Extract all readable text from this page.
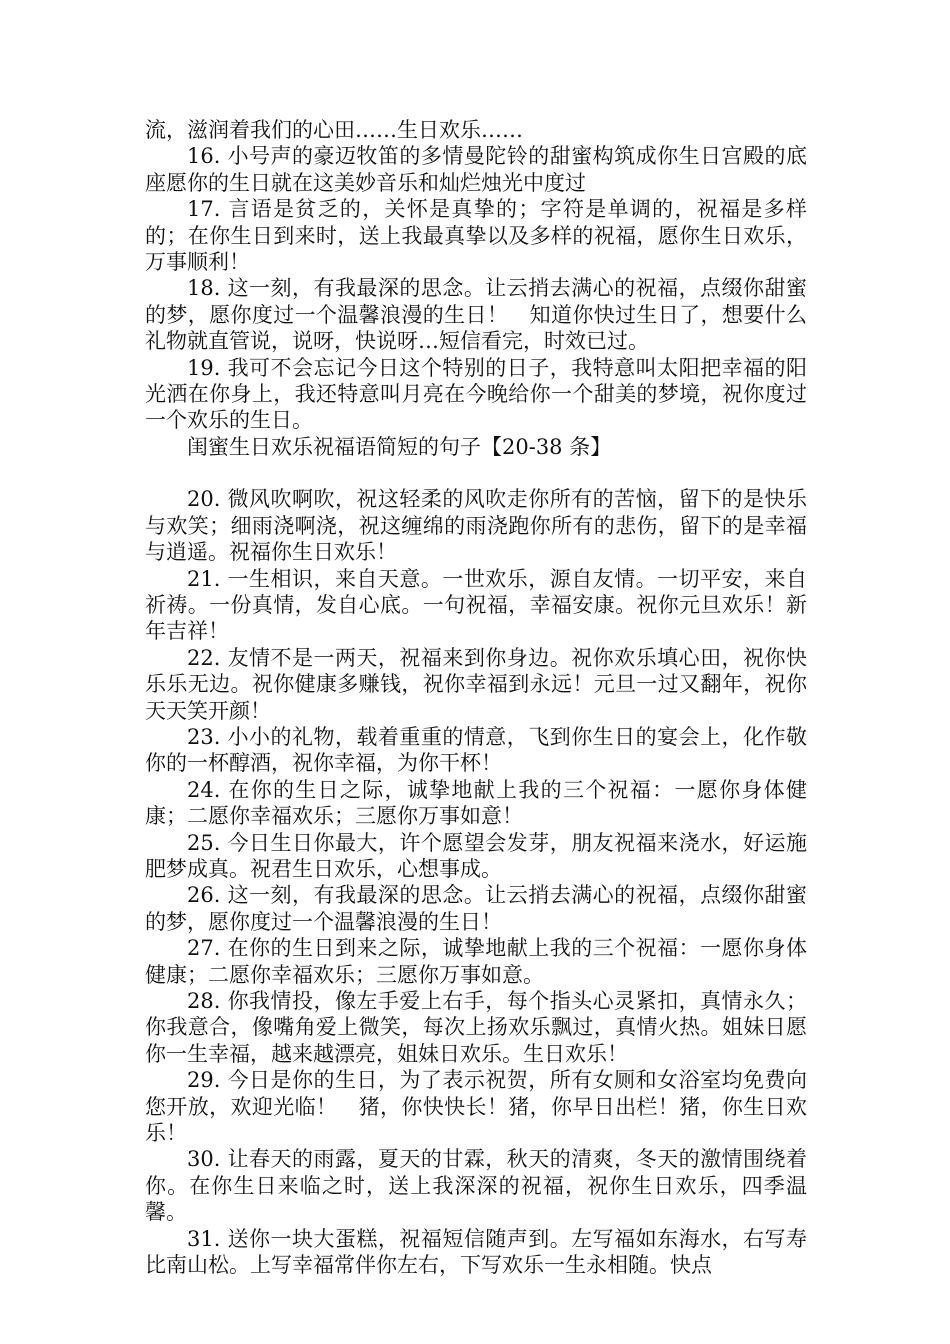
流，滋润着我们的心田……生日欢乐……

16. 小号声的豪迈牧笛的多情曼陀铃的甜蜜构筑成你生日宫殿的底座愿你的生日就在这美妙音乐和灿烂烛光中度过

17. 言语是贫乏的，关怀是真挚的；字符是单调的，祝福是多样的；在你生日到来时，送上我最真挚以及多样的祝福，愿你生日欢乐，万事顺利！

18. 这一刻，有我最深的思念。让云捎去满心的祝福，点缀你甜蜜的梦，愿你度过一个温馨浪漫的生日！　知道你快过生日了，想要什么礼物就直管说，说呀，快说呀…短信看完，时效已过。

19. 我可不会忘记今日这个特别的日子，我特意叫太阳把幸福的阳光洒在你身上，我还特意叫月亮在今晚给你一个甜美的梦境，祝你度过一个欢乐的生日。

闺蜜生日欢乐祝福语简短的句子【20-38 条】

20. 微风吹啊吹，祝这轻柔的风吹走你所有的苦恼，留下的是快乐与欢笑；细雨浇啊浇，祝这缠绵的雨浇跑你所有的悲伤，留下的是幸福与逍遥。祝福你生日欢乐！

21. 一生相识，来自天意。一世欢乐，源自友情。一切平安，来自祈祷。一份真情，发自心底。一句祝福，幸福安康。祝你元旦欢乐！新年吉祥！

22. 友情不是一两天，祝福来到你身边。祝你欢乐填心田，祝你快乐乐无边。祝你健康多赚钱，祝你幸福到永远！元旦一过又翻年，祝你天天笑开颜！

23. 小小的礼物，载着重重的情意，飞到你生日的宴会上，化作敬你的一杯醇酒，祝你幸福，为你干杯！

24. 在你的生日之际，诚挚地献上我的三个祝福：一愿你身体健康；二愿你幸福欢乐；三愿你万事如意！

25. 今日生日你最大，许个愿望会发芽，朋友祝福来浇水，好运施肥梦成真。祝君生日欢乐，心想事成。

26. 这一刻，有我最深的思念。让云捎去满心的祝福，点缀你甜蜜的梦，愿你度过一个温馨浪漫的生日！

27. 在你的生日到来之际，诚挚地献上我的三个祝福：一愿你身体健康；二愿你幸福欢乐；三愿你万事如意。

28. 你我情投，像左手爱上右手，每个指头心灵紧扣，真情永久；你我意合，像嘴角爱上微笑，每次上扬欢乐飘过，真情火热。姐妹日愿你一生幸福，越来越漂亮，姐妹日欢乐。生日欢乐！

29. 今日是你的生日，为了表示祝贺，所有女厕和女浴室均免费向您开放，欢迎光临！　猪，你快快长！猪，你早日出栏！猪，你生日欢乐！

30. 让春天的雨露，夏天的甘霖，秋天的清爽，冬天的激情围绕着你。在你生日来临之时，送上我深深的祝福，祝你生日欢乐，四季温馨。

31. 送你一块大蛋糕，祝福短信随声到。左写福如东海水，右写寿比南山松。上写幸福常伴你左右，下写欢乐一生永相随。快点
